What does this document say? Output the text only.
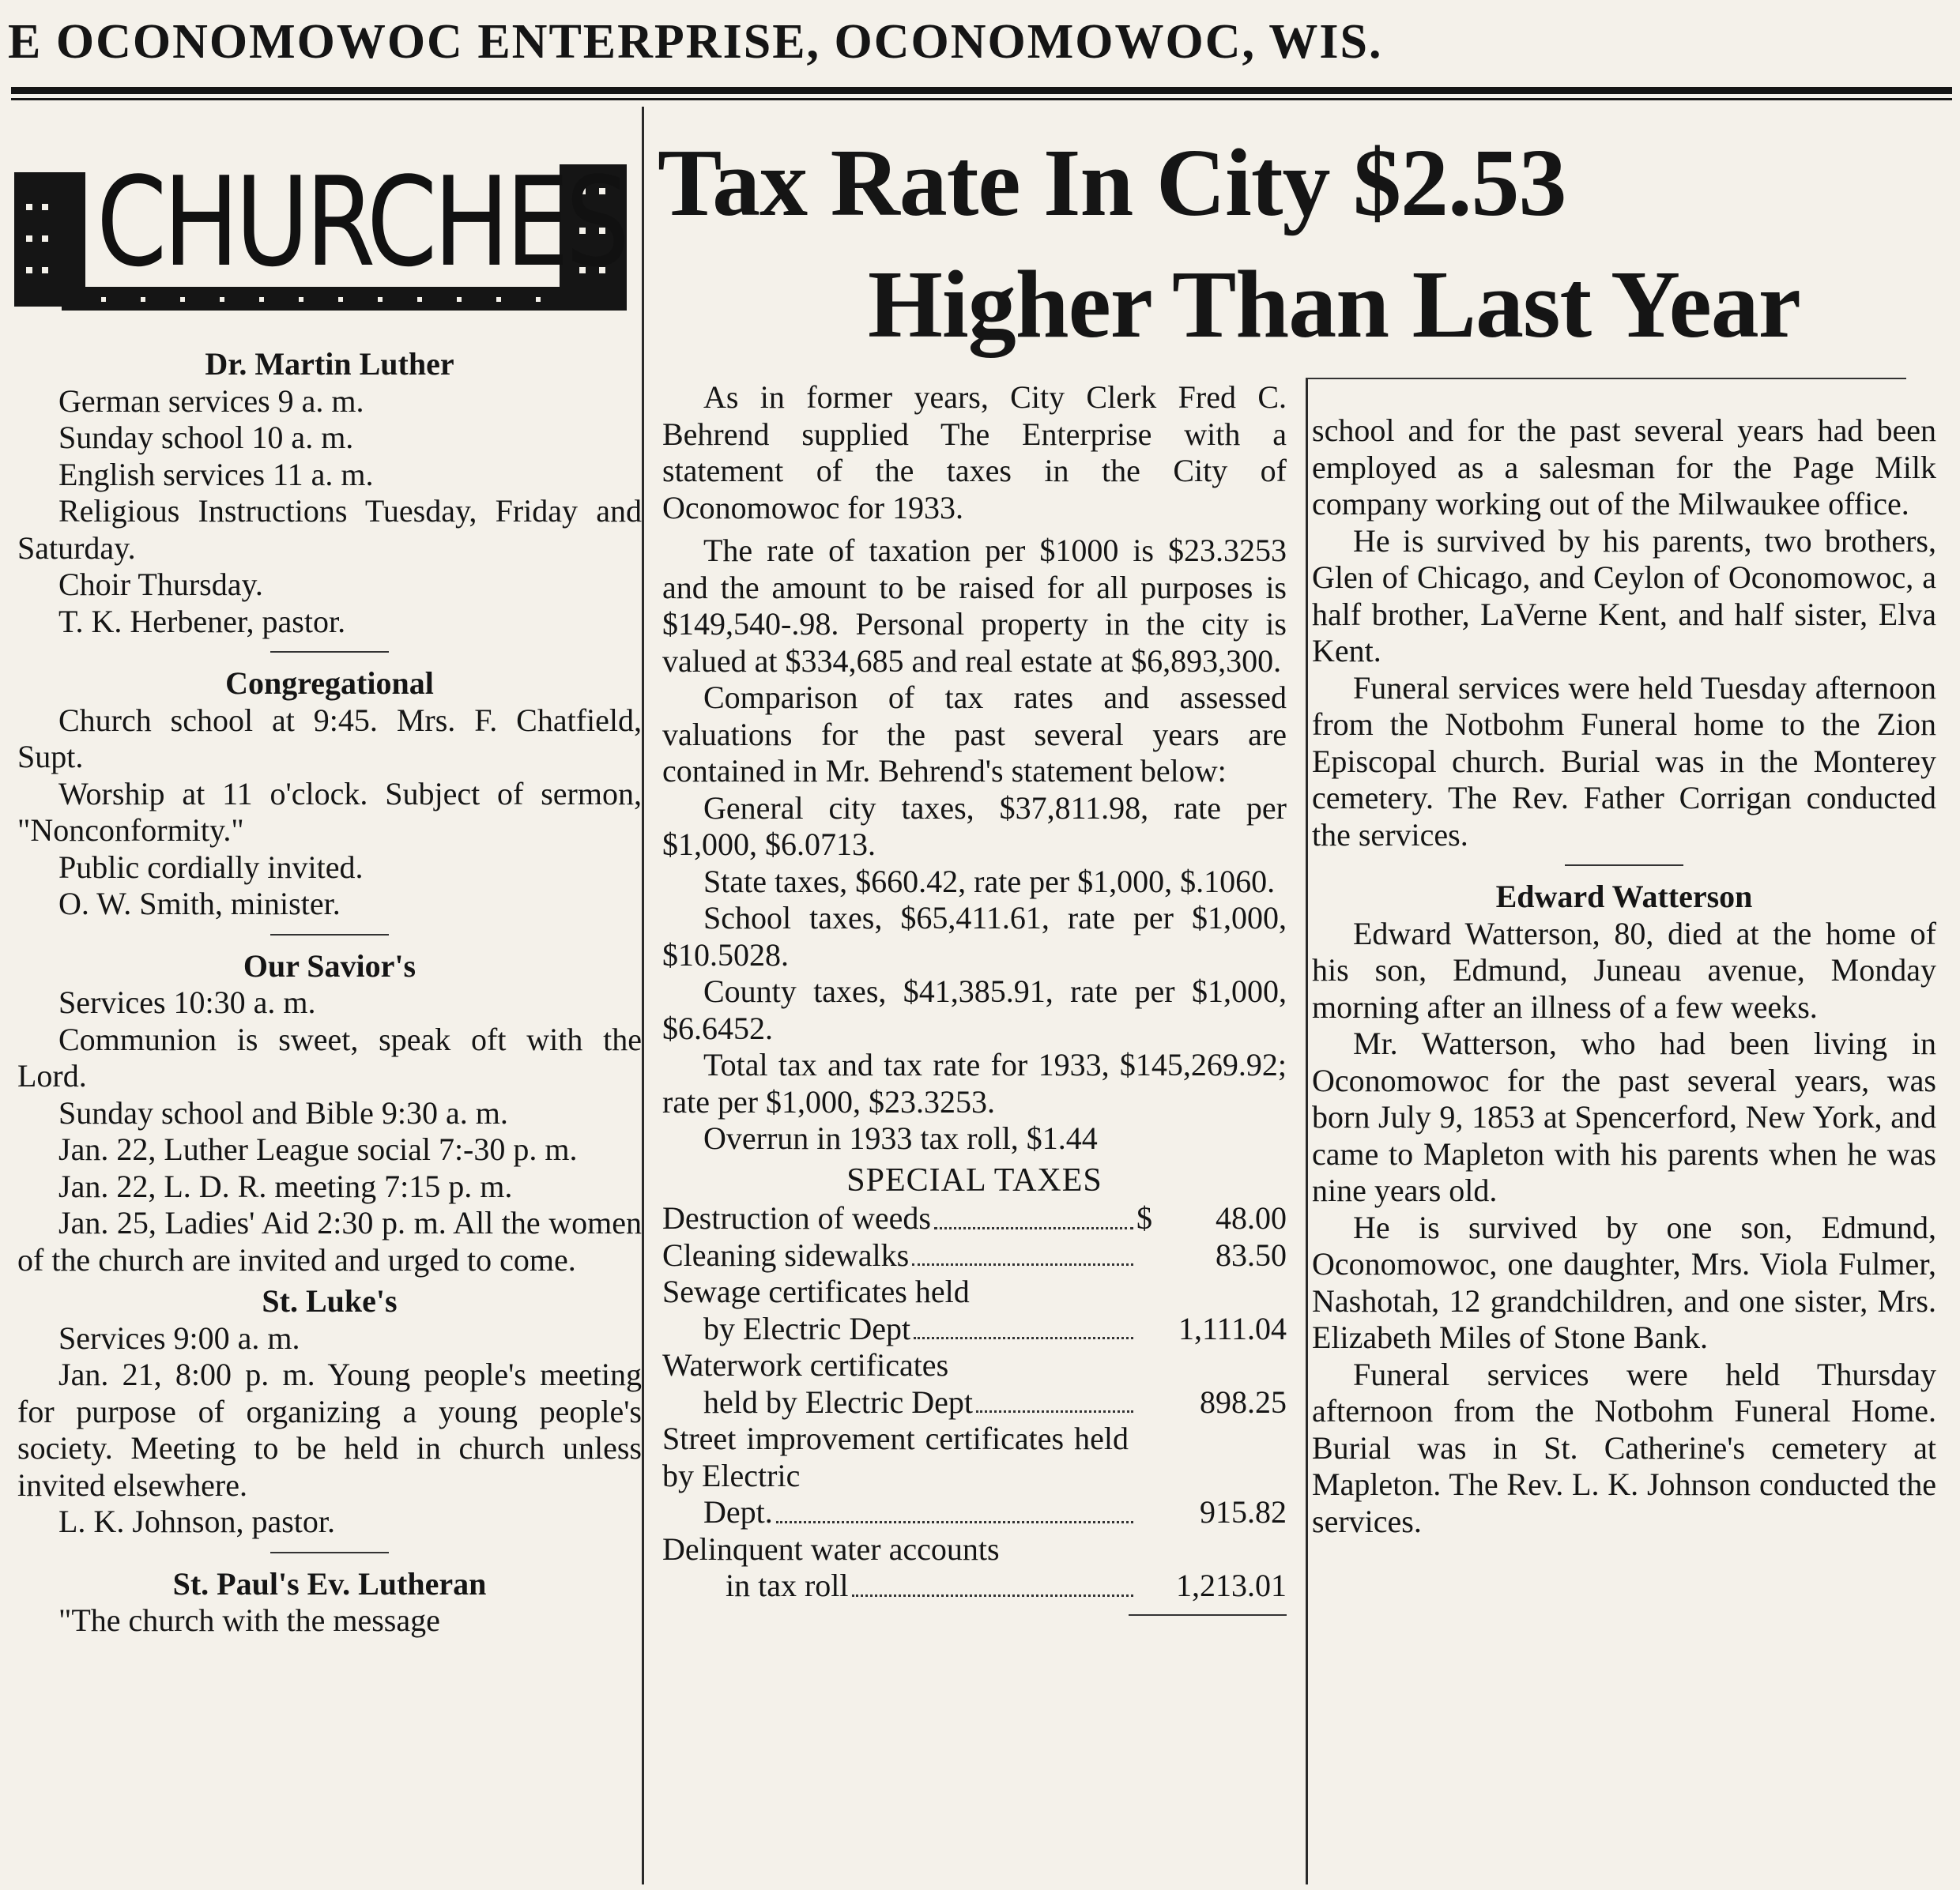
E OCONOMOWOC ENTERPRISE, OCONOMOWOC, WIS.
CHURCHES Tax Rate In City $2.53
Higher Than Last Year

Dr. Martin Luther

German services 9 a. m.

Sunday school 10 a. m.

English services 11 a. m.

Religious Instructions Tuesday, Friday and Saturday.

Choir Thursday.

T. K. Herbener, pastor.

Congregational

Church school at 9:45. Mrs. F. Chatfield, Supt.

Worship at 11 o'clock. Subject of sermon, "Nonconformity."

Public cordially invited.

O. W. Smith, minister.

Our Savior's

Services 10:30 a. m.

Communion is sweet, speak oft with the Lord.

Sunday school and Bible 9:30 a. m.

Jan. 22, Luther League social 7:-30 p. m.

Jan. 22, L. D. R. meeting 7:15 p. m.

Jan. 25, Ladies' Aid 2:30 p. m. All the women of the church are invited and urged to come.

St. Luke's

Services 9:00 a. m.

Jan. 21, 8:00 p. m. Young people's meeting for purpose of organizing a young people's society. Meeting to be held in church unless invited elsewhere.

L. K. Johnson, pastor.

St. Paul's Ev. Lutheran

"The church with the message

As in former years, City Clerk Fred C. Behrend supplied The Enterprise with a statement of the taxes in the City of Oconomowoc for 1933.

The rate of taxation per $1000 is $23.3253 and the amount to be raised for all purposes is $149,540-.98. Personal property in the city is valued at $334,685 and real estate at $6,893,300.

Comparison of tax rates and assessed valuations for the past several years are contained in Mr. Behrend's statement below:

General city taxes, $37,811.98, rate per $1,000, $6.0713.

State taxes, $660.42, rate per $1,000, $.1060.

School taxes, $65,411.61, rate per $1,000, $10.5028.

County taxes, $41,385.91, rate per $1,000, $6.6452.

Total tax and tax rate for 1933, $145,269.92; rate per $1,000, $23.3253.

Overrun in 1933 tax roll, $1.44

SPECIAL TAXES
Destruction of weeds	$	48.00
Cleaning sidewalks	83.50
Sewage certificates held
by Electric Dept	1,111.04
Waterwork certificates
held by Electric Dept	898.25
Street improvement certificates held by Electric
Dept.	915.82
Delinquent water accounts
in tax roll	1,213.01

school and for the past several years had been employed as a salesman for the Page Milk company working out of the Milwaukee office.

He is survived by his parents, two brothers, Glen of Chicago, and Ceylon of Oconomowoc, a half brother, LaVerne Kent, and half sister, Elva Kent.

Funeral services were held Tuesday afternoon from the Notbohm Funeral home to the Zion Episcopal church. Burial was in the Monterey cemetery. The Rev. Father Corrigan conducted the services.

Edward Watterson

Edward Watterson, 80, died at the home of his son, Edmund, Juneau avenue, Monday morning after an illness of a few weeks.

Mr. Watterson, who had been living in Oconomowoc for the past several years, was born July 9, 1853 at Spencerford, New York, and came to Mapleton with his parents when he was nine years old.

He is survived by one son, Edmund, Oconomowoc, one daughter, Mrs. Viola Fulmer, Nashotah, 12 grandchildren, and one sister, Mrs. Elizabeth Miles of Stone Bank.

Funeral services were held Thursday afternoon from the Notbohm Funeral Home. Burial was in St. Catherine's cemetery at Mapleton. The Rev. L. K. Johnson conducted the services.
